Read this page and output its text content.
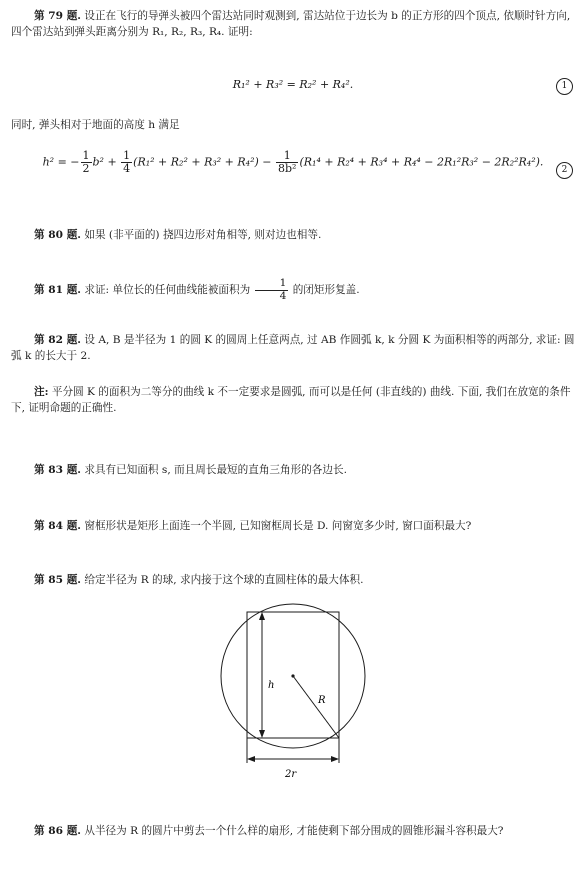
第 79 题. 设正在飞行的导弹头被四个雷达站同时观测到, 雷达站位于边长为 b 的正方形的四个顶点, 依顺时针方向, 四个雷达站到弹头距离分别为 R₁, R₂, R₃, R₄. 证明:
R₁² + R₃² = R₂² + R₄².	1
同时, 弹头相对于地面的高度 h 满足
h² = − $\frac{1}{2} b^2 + \frac{1}{4} (R_1^2 + R_2^2 + R_3^2 + R_4^2) - \frac{1}{\text{8b²}} (R_1^4 + R_2^4 + R_3^4 + R_4^4 - 2R_1^2R_3^2 - 2R_2^2R_4^2)$.
2
第 80 题. 如果 (非平面的) 挠四边形对角相等, 则对边也相等.
第 81 题. 求证: 单位长的任何曲线能被面积为 $\frac{1}{4}$ 的闭矩形复盖.
第 82 题. 设 A, B 是半径为 1 的圆 K 的圆周上任意两点, 过 AB 作圆弧 k, k 分圆 K 为面积相等的两部分, 求证: 圆弧 k 的长大于 2.
注: 平分圆 K 的面积为二等分的曲线 k 不一定要求是圆弧, 而可以是任何 (非直线的) 曲线. 下面, 我们在放宽的条件下, 证明命题的正确性.
第 83 题. 求具有已知面积 s, 而且周长最短的直角三角形的各边长.
第 84 题. 窗框形状是矩形上面连一个半圆, 已知窗框周长是 D. 问窗宽多少时, 窗口面积最大?
第 85 题. 给定半径为 R 的球, 求内接于这个球的直圆柱体的最大体积.
h
R
2r
第 86 题. 从半径为 R 的圆片中剪去一个什么样的扇形, 才能使剩下部分围成的圆锥形漏斗容积最大?
